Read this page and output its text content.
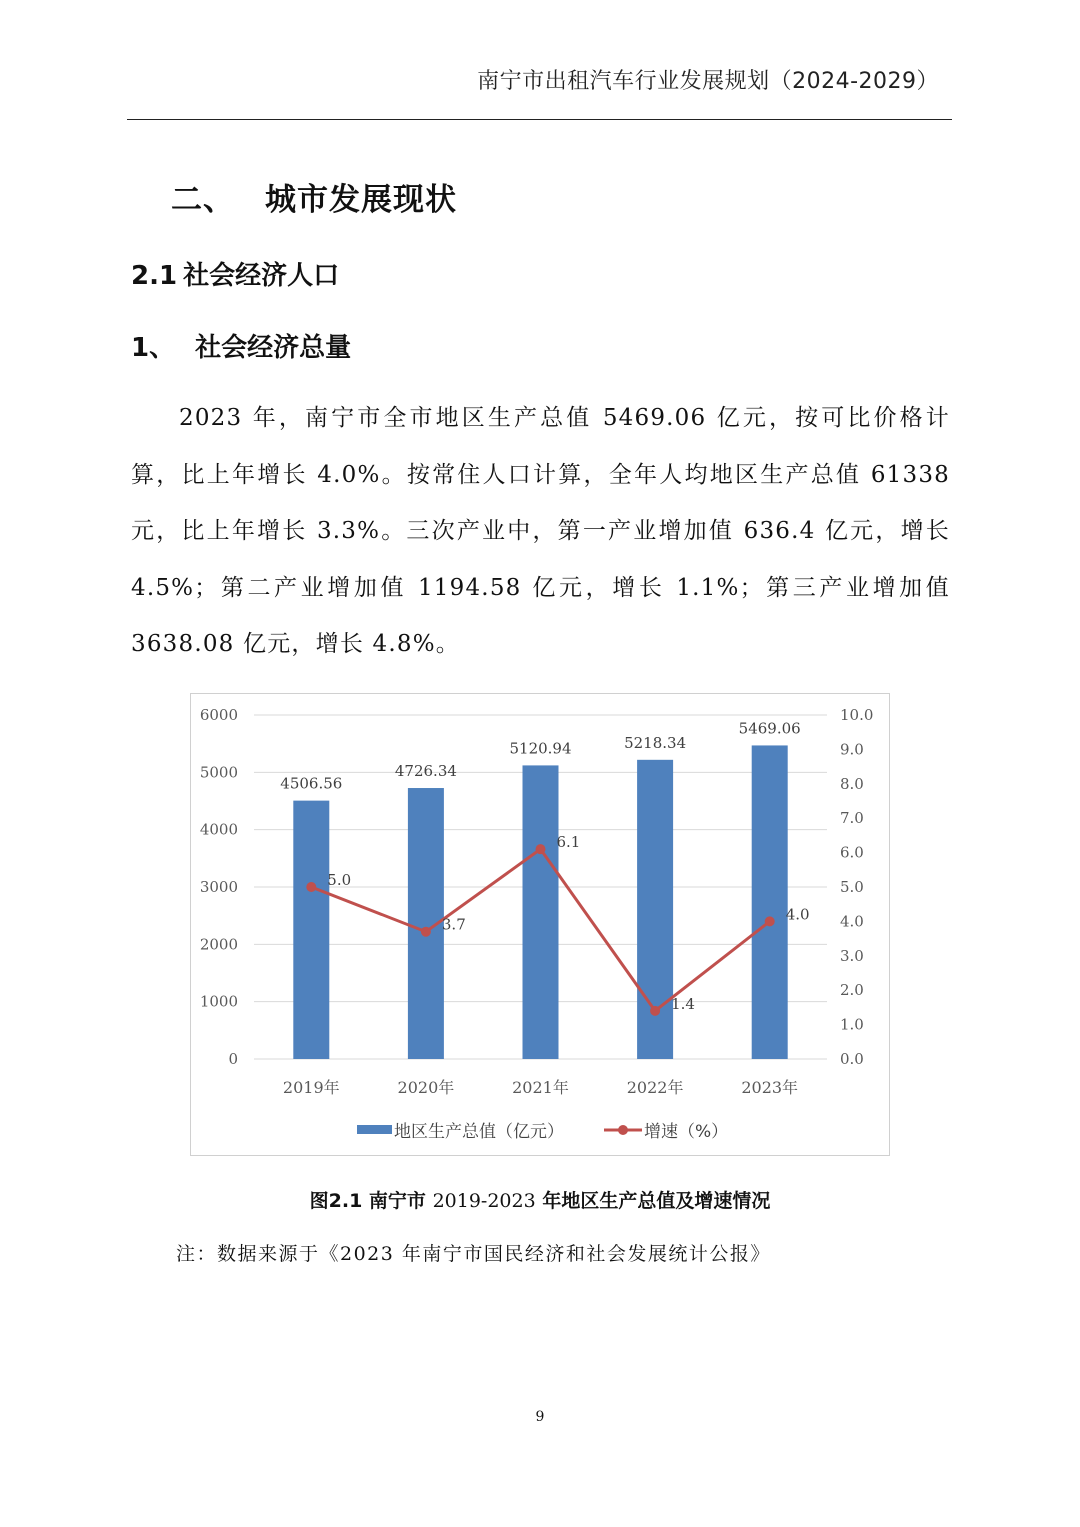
南宁市出租汽车行业发展规划（2024-2029）
二、 城市发展现状
2.1 社会经济人口
1、 社会经济总量

2023 年，南宁市全市地区生产总值 5469.06 亿元，按可比价格计算，比上年增长 4.0%。按常住人口计算，全年人均地区生产总值 61338 元，比上年增长 3.3%。三次产业中，第一产业增加值 636.4 亿元，增长 4.5%；第二产业增加值 1194.58 亿元，增长 1.1%；第三产业增加值 3638.08 亿元，增长 4.8%。

0
1000
2000
3000
4000
5000
6000
0.0
1.0
2.0
3.0
4.0
5.0
6.0
7.0
8.0
9.0
10.0
4506.56
2019年
4726.34
2020年
5120.94
2021年
5218.34
2022年
5469.06
2023年
5.0
3.7
6.1
1.4
4.0
地区生产总值（亿元）	增速（%）
图2.1 南宁市 2019-2023 年地区生产总值及增速情况
注：数据来源于《2023 年南宁市国民经济和社会发展统计公报》
9
